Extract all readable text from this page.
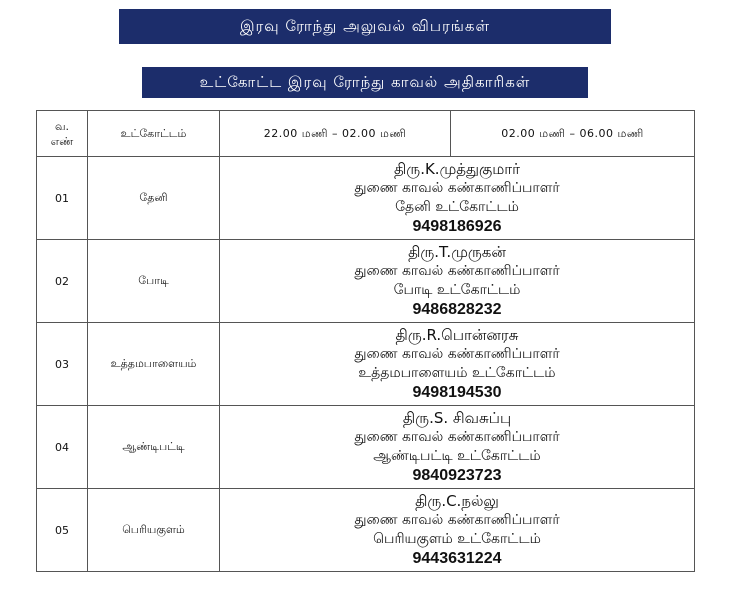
இரவு ரோந்து அலுவல் விபரங்கள்
உட்கோட்ட இரவு ரோந்து காவல் அதிகாரிகள்
வ.
எண்	உட்கோட்டம்	22.00 மணி – 02.00 மணி	02.00 மணி – 06.00 மணி
01	தேனி	திரு.K.முத்துகுமார்
துணை காவல் கண்காணிப்பாளர்
தேனி உட்கோட்டம்
9498186926	

02	போடி	திரு.T.முருகன்
துணை காவல் கண்காணிப்பாளர்
போடி உட்கோட்டம்
9486828232	

03	உத்தமபாளையம்	திரு.R.பொன்னரசு
துணை காவல் கண்காணிப்பாளர்
உத்தமபாளையம் உட்கோட்டம்
9498194530	

04	ஆண்டிபட்டி	திரு.S. சிவசுப்பு
துணை காவல் கண்காணிப்பாளர்
ஆண்டிபட்டி உட்கோட்டம்
9840923723	

05	பெரியகுளம்	திரு.C.நல்லு
துணை காவல் கண்காணிப்பாளர்
பெரியகுளம் உட்கோட்டம்
9443631224	
